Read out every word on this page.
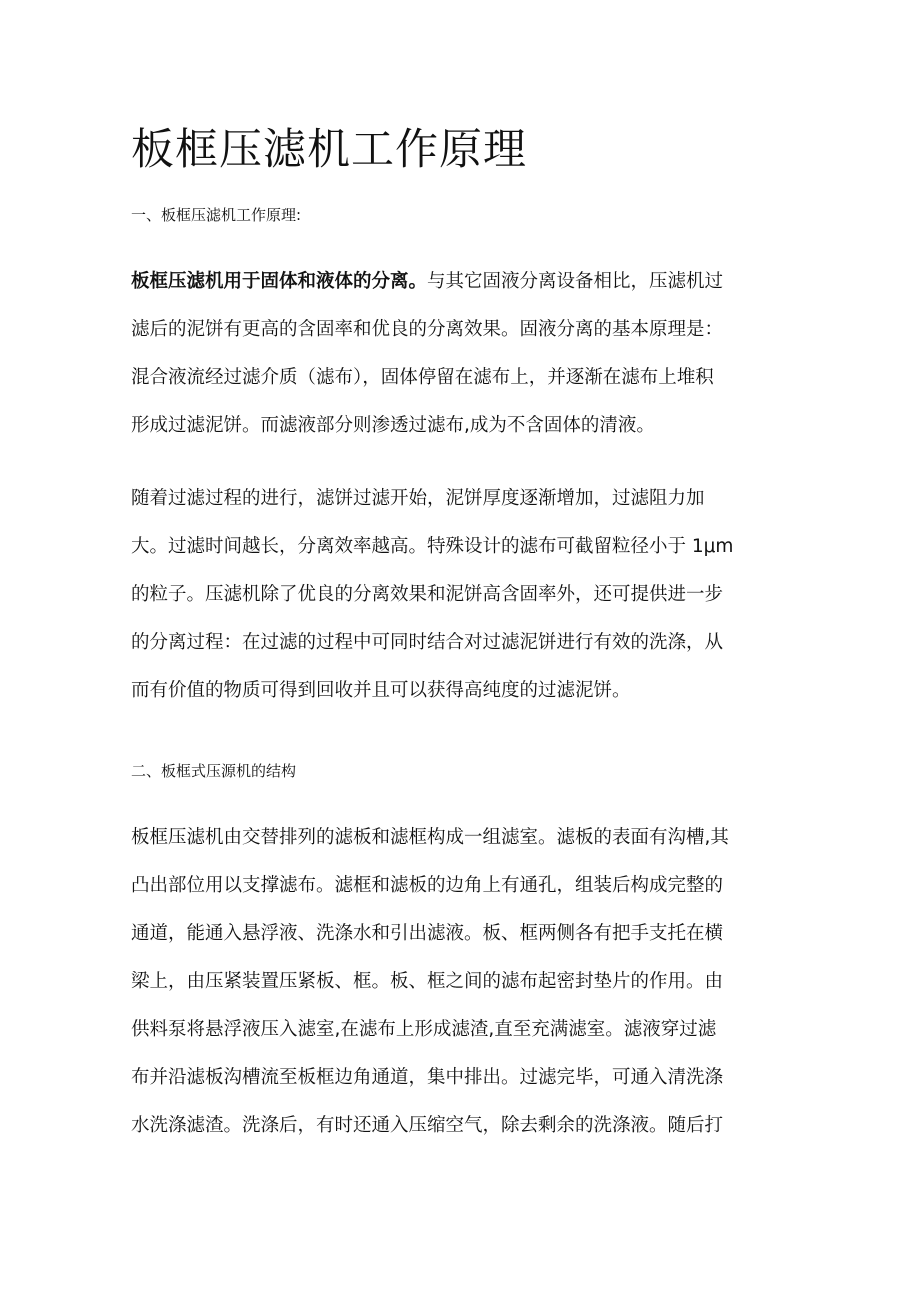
板框压滤机工作原理
一、板框压滤机工作原理:
板框压滤机用于固体和液体的分离。与其它固液分离设备相比，压滤机过
滤后的泥饼有更高的含固率和优良的分离效果。固液分离的基本原理是：
混合液流经过滤介质（滤布），固体停留在滤布上，并逐渐在滤布上堆积
形成过滤泥饼。而滤液部分则渗透过滤布,成为不含固体的清液。
随着过滤过程的进行，滤饼过滤开始，泥饼厚度逐渐增加，过滤阻力加
大。过滤时间越长，分离效率越高。特殊设计的滤布可截留粒径小于 1μm
的粒子。压滤机除了优良的分离效果和泥饼高含固率外，还可提供进一步
的分离过程：在过滤的过程中可同时结合对过滤泥饼进行有效的洗涤，从
而有价值的物质可得到回收并且可以获得高纯度的过滤泥饼。
二、板框式压源机的结构
板框压滤机由交替排列的滤板和滤框构成一组滤室。滤板的表面有沟槽,其
凸出部位用以支撑滤布。滤框和滤板的边角上有通孔，组装后构成完整的
通道，能通入悬浮液、洗涤水和引出滤液。板、框两侧各有把手支托在横
梁上，由压紧装置压紧板、框。板、框之间的滤布起密封垫片的作用。由
供料泵将悬浮液压入滤室,在滤布上形成滤渣,直至充满滤室。滤液穿过滤
布并沿滤板沟槽流至板框边角通道，集中排出。过滤完毕，可通入清洗涤
水洗涤滤渣。洗涤后，有时还通入压缩空气，除去剩余的洗涤液。随后打
